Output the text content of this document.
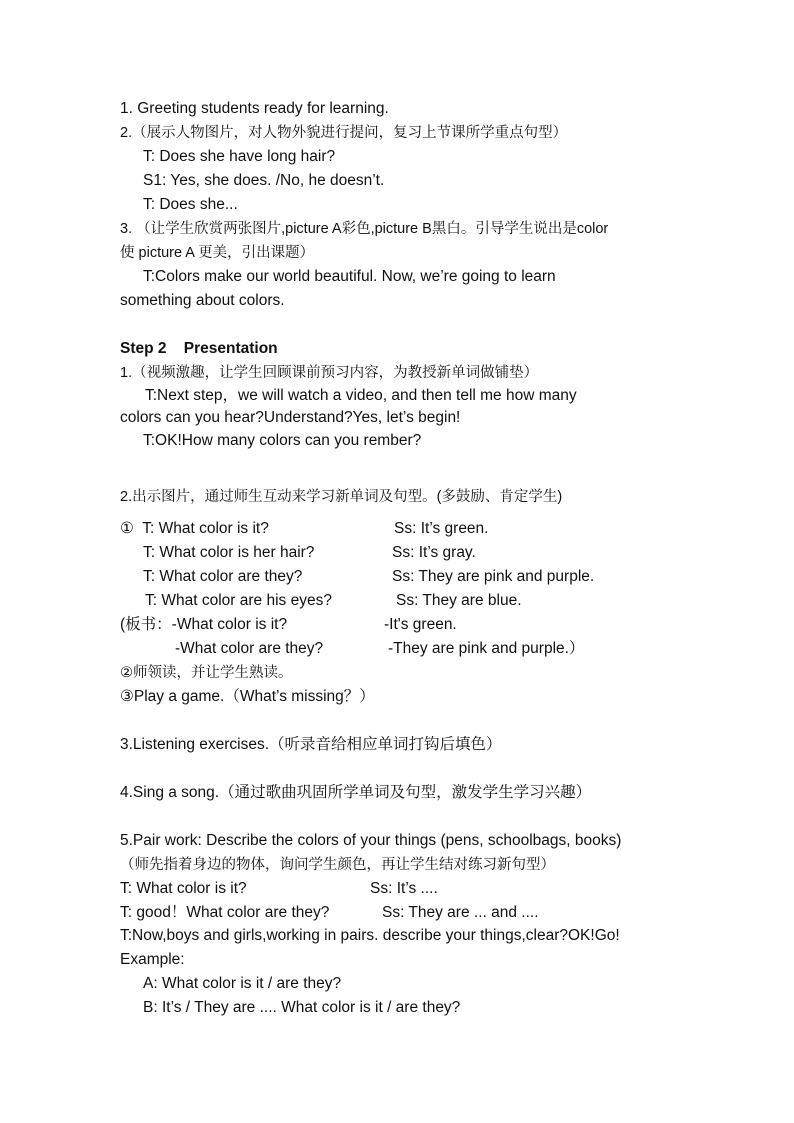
1. Greeting students ready for learning.
2.（展示人物图片，对人物外貌进行提问，复习上节课所学重点句型）
T: Does she have long hair?
S1: Yes, she does. /No, he doesn’t.
T: Does she...
3. （让学生欣赏两张图片,picture A彩色,picture B黑白。引导学生说出是color
使 picture A 更美，引出课题）
T:Colors make our world beautiful. Now, we’re going to learn
something about colors.
Step 2    Presentation
1.（视频激趣，让学生回顾课前预习内容，为教授新单词做铺垫）
T:Next step，we will watch a video, and then tell me how many
colors can you hear?Understand?Yes, let’s begin!
T:OK!How many colors can you rember?
2.出示图片，通过师生互动来学习新单词及句型。(多鼓励、肯定学生)
①  T: What color is it?	Ss: It’s green.
T: What color is her hair?	Ss: It’s gray.
T: What color are they?	Ss: They are pink and purple.
T: What color are his eyes?	Ss: They are blue.
(板书：-What color is it?	-It's green.
-What color are they?	-They are pink and purple.）
②师领读，并让学生熟读。
③Play a game.（What’s missing？）
3.Listening exercises.（听录音给相应单词打钩后填色）
4.Sing a song.（通过歌曲巩固所学单词及句型，激发学生学习兴趣）
5.Pair work: Describe the colors of your things (pens, schoolbags, books)
（师先指着身边的物体，询问学生颜色，再让学生结对练习新句型）
T: What color is it?	Ss: It’s ....
T: good！What color are they?	Ss: They are ... and ....
T:Now,boys and girls,working in pairs. describe your things,clear?OK!Go!
Example:
A: What color is it / are they?
B: It’s / They are .... What color is it / are they?
